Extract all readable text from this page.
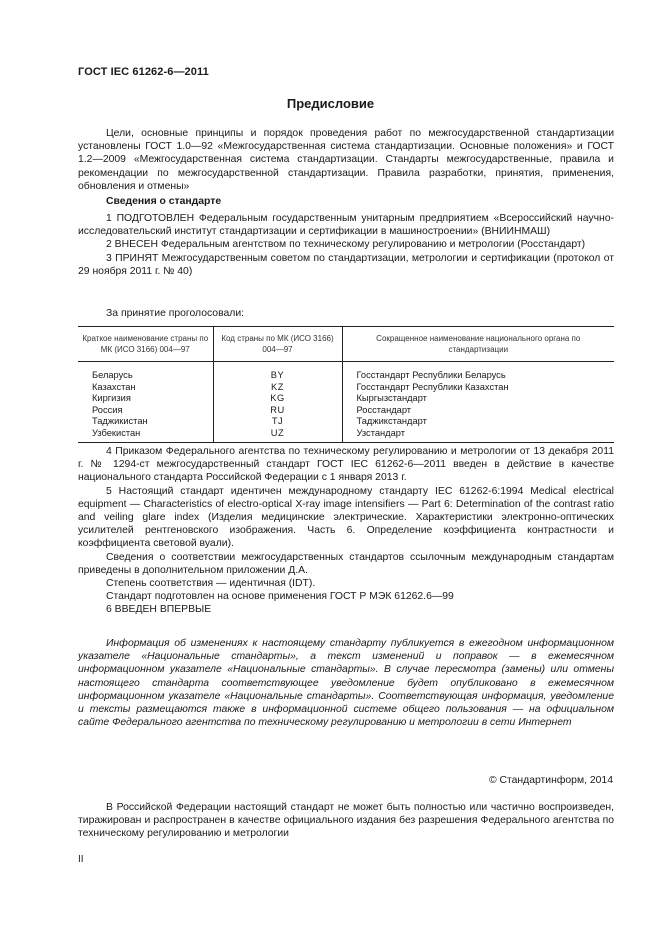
ГОСТ IEC 61262-6—2011
Предисловие

Цели, основные принципы и порядок проведения работ по межгосударственной стандартизации установлены ГОСТ 1.0—92 «Межгосударственная система стандартизации. Основные положения» и ГОСТ 1.2—2009 «Межгосударственная система стандартизации. Стандарты межгосударственные, правила и рекомендации по межгосударственной стандартизации. Правила разработки, принятия, применения, обновления и отмены»

Сведения о стандарте

1 ПОДГОТОВЛЕН Федеральным государственным унитарным предприятием «Всероссийский научно-исследовательский институт стандартизации и сертификации в машиностроении» (ВНИИНМАШ)

2 ВНЕСЕН Федеральным агентством по техническому регулированию и метрологии (Росстандарт)

3 ПРИНЯТ Межгосударственным советом по стандартизации, метрологии и сертификации (протокол от 29 ноября 2011 г. № 40)

За принятие проголосовали:
Краткое наименование страны по МК (ИСО 3166) 004—97	Код страны по МК (ИСО 3166) 004—97	Сокращенное наименование национального органа по стандартизации
Беларусь	BY	Госстандарт Республики Беларусь
Казахстан	KZ	Госстандарт Республики Казахстан
Киргизия	KG	Кыргызстандарт
Россия	RU	Росстандарт
Таджикистан	TJ	Таджикстандарт
Узбекистан	UZ	Узстандарт

4 Приказом Федерального агентства по техническому регулированию и метрологии от 13 декабря 2011 г. № 1294-ст межгосударственный стандарт ГОСТ IEC 61262-6—2011 введен в действие в качестве национального стандарта Российской Федерации с 1 января 2013 г.

5 Настоящий стандарт идентичен международному стандарту IEC 61262-6:1994 Medical electrical equipment — Characteristics of electro-optical X-ray image intensifiers — Part 6: Determination of the contrast ratio and veiling glare index (Изделия медицинские электрические. Характеристики электронно-оптических усилителей рентгеновского изображения. Часть 6. Определение коэффициента контрастности и коэффициента световой вуали).

Сведения о соответствии межгосударственных стандартов ссылочным международным стандартам приведены в дополнительном приложении Д.А.

Степень соответствия — идентичная (IDT).

Стандарт подготовлен на основе применения ГОСТ Р МЭК 61262.6—99

6 ВВЕДЕН ВПЕРВЫЕ

Информация об изменениях к настоящему стандарту публикуется в ежегодном информационном указателе «Национальные стандарты», а текст изменений и поправок — в ежемесячном информационном указателе «Национальные стандарты». В случае пересмотра (замены) или отмены настоящего стандарта соответствующее уведомление будет опубликовано в ежемесячном информационном указателе «Национальные стандарты». Соответствующая информация, уведомление и тексты размещаются также в информационной системе общего пользования — на официальном сайте Федерального агентства по техническому регулированию и метрологии в сети Интернет

© Стандартинформ, 2014

В Российской Федерации настоящий стандарт не может быть полностью или частично воспроизведен, тиражирован и распространен в качестве официального издания без разрешения Федерального агентства по техническому регулированию и метрологии

II
